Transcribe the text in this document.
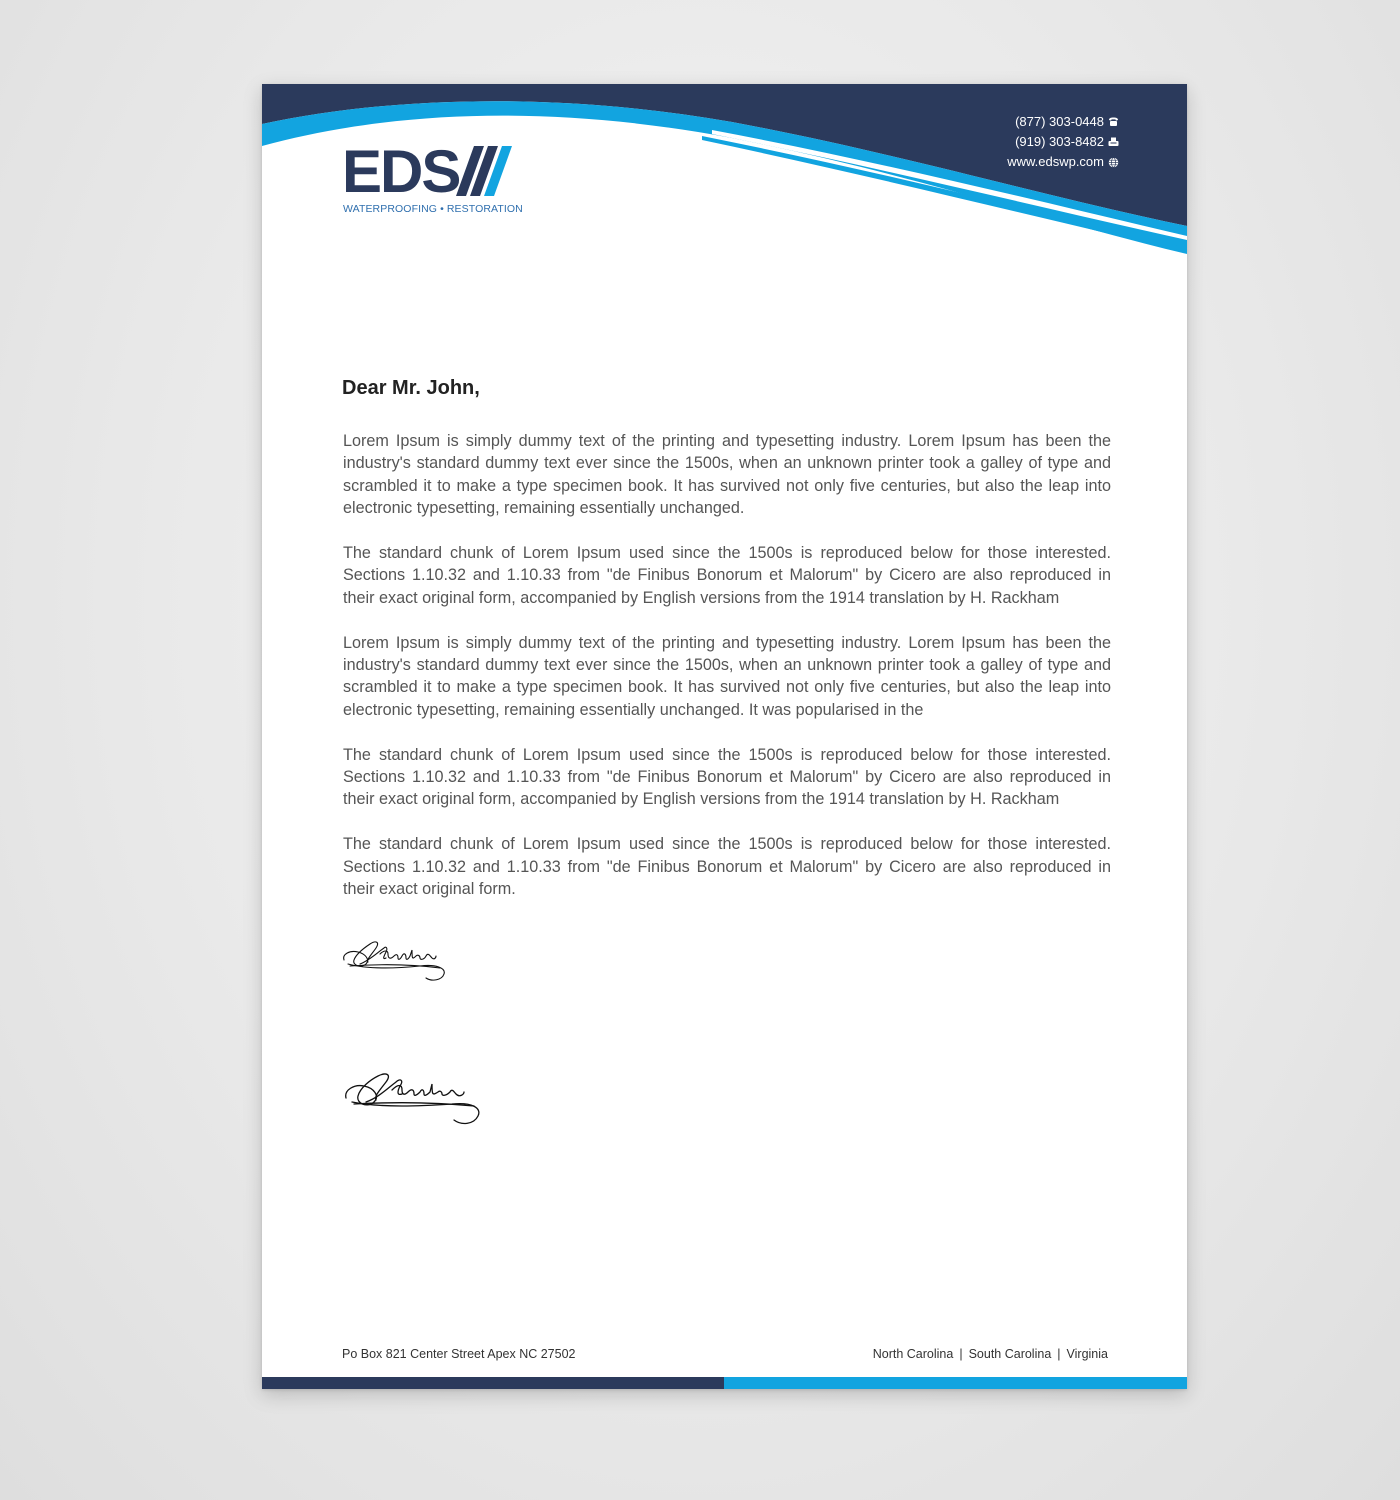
EDS
WATERPROOFING • RESTORATION
(877) 303-0448
(919) 303-8482
www.edswp.com
Dear Mr. John,

Lorem Ipsum is simply dummy text of the printing and typesetting industry. Lorem Ipsum has been the industry's standard dummy text ever since the 1500s, when an unknown printer took a galley of type and scrambled it to make a type specimen book. It has survived not only five centuries, but also the leap into electronic typesetting, remaining essentially unchanged.

The standard chunk of Lorem Ipsum used since the 1500s is reproduced below for those interested. Sections 1.10.32 and 1.10.33 from "de Finibus Bonorum et Malorum" by Cicero are also reproduced in their exact original form, accompanied by English versions from the 1914 translation by H. Rackham

Lorem Ipsum is simply dummy text of the printing and typesetting industry. Lorem Ipsum has been the industry's standard dummy text ever since the 1500s, when an unknown printer took a galley of type and scrambled it to make a type specimen book. It has survived not only five centuries, but also the leap into electronic typesetting, remaining essentially unchanged. It was popularised in the

The standard chunk of Lorem Ipsum used since the 1500s is reproduced below for those interested. Sections 1.10.32 and 1.10.33 from "de Finibus Bonorum et Malorum" by Cicero are also reproduced in their exact original form, accompanied by English versions from the 1914 translation by H. Rackham

The standard chunk of Lorem Ipsum used since the 1500s is reproduced below for those interested. Sections 1.10.32 and 1.10.33 from "de Finibus Bonorum et Malorum" by Cicero are also reproduced in their exact original form.

Po Box 821 Center Street Apex NC 27502	North Carolina | South Carolina | Virginia
